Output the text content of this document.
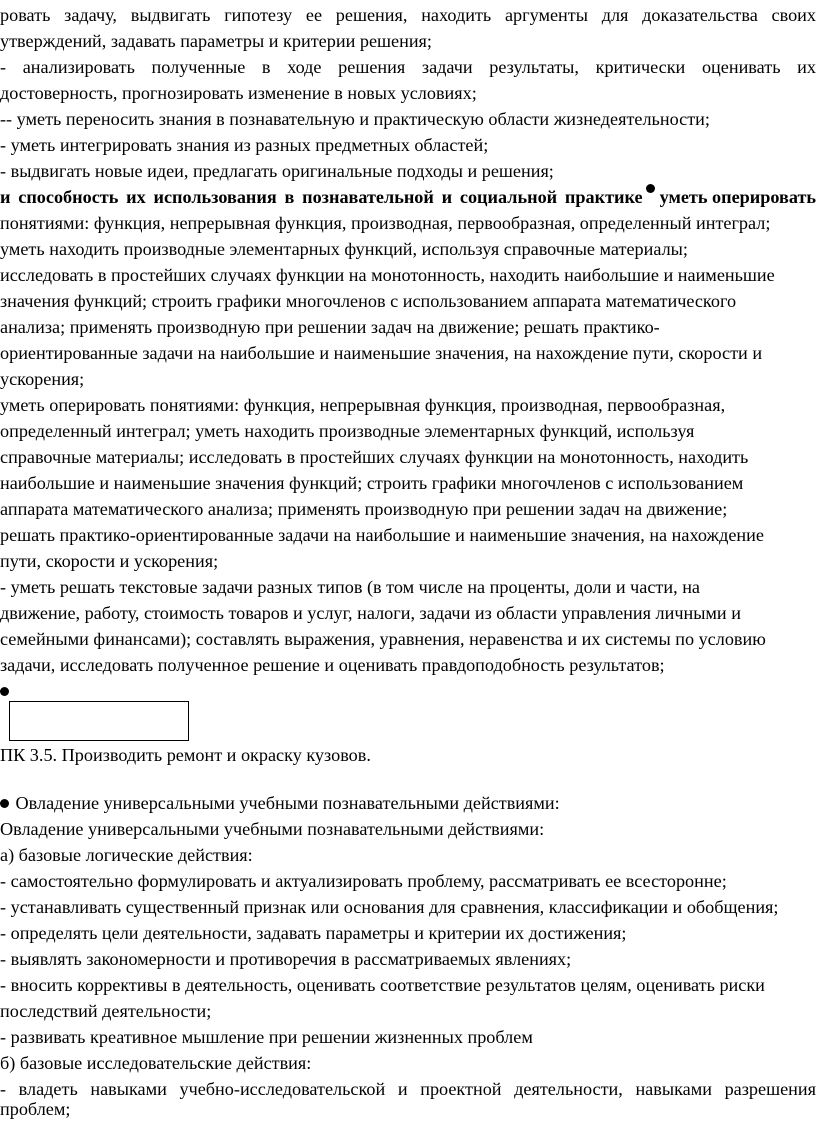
ровать задачу, выдвигать гипотезу ее решения, находить аргументы для доказательства своих
утверждений, задавать параметры и критерии решения;
- анализировать полученные в ходе решения задачи результаты, критически оценивать их
достоверность, прогнозировать изменение в новых условиях;
-- уметь переносить знания в познавательную и практическую области жизнедеятельности;
- уметь интегрировать знания из разных предметных областей;
- выдвигать новые идеи, предлагать оригинальные подходы и решения;
и способность их использования в познавательной и социальной практике уметь оперировать
понятиями: функция, непрерывная функция, производная, первообразная, определенный интеграл;
уметь находить производные элементарных функций, используя справочные материалы;
исследовать в простейших случаях функции на монотонность, находить наибольшие и наименьшие
значения функций; строить графики многочленов с использованием аппарата математического
анализа; применять производную при решении задач на движение; решать практико-
ориентированные задачи на наибольшие и наименьшие значения, на нахождение пути, скорости и
ускорения;
уметь оперировать понятиями: функция, непрерывная функция, производная, первообразная,
определенный интеграл; уметь находить производные элементарных функций, используя
справочные материалы; исследовать в простейших случаях функции на монотонность, находить
наибольшие и наименьшие значения функций; строить графики многочленов с использованием
аппарата математического анализа; применять производную при решении задач на движение;
решать практико-ориентированные задачи на наибольшие и наименьшие значения, на нахождение
пути, скорости и ускорения;
- уметь решать текстовые задачи разных типов (в том числе на проценты, доли и части, на
движение, работу, стоимость товаров и услуг, налоги, задачи из области управления личными и
семейными финансами); составлять выражения, уравнения, неравенства и их системы по условию
задачи, исследовать полученное решение и оценивать правдоподобность результатов;
ПК 3.5. Производить ремонт и окраску кузовов.
Овладение универсальными учебными познавательными действиями:
Овладение универсальными учебными познавательными действиями:
а) базовые логические действия:
- самостоятельно формулировать и актуализировать проблему, рассматривать ее всесторонне;
- устанавливать существенный признак или основания для сравнения, классификации и обобщения;
- определять цели деятельности, задавать параметры и критерии их достижения;
- выявлять закономерности и противоречия в рассматриваемых явлениях;
- вносить коррективы в деятельность, оценивать соответствие результатов целям, оценивать риски
последствий деятельности;
- развивать креативное мышление при решении жизненных проблем
б) базовые исследовательские действия:
- владеть навыками учебно-исследовательской и проектной деятельности, навыками разрешения
проблем;
